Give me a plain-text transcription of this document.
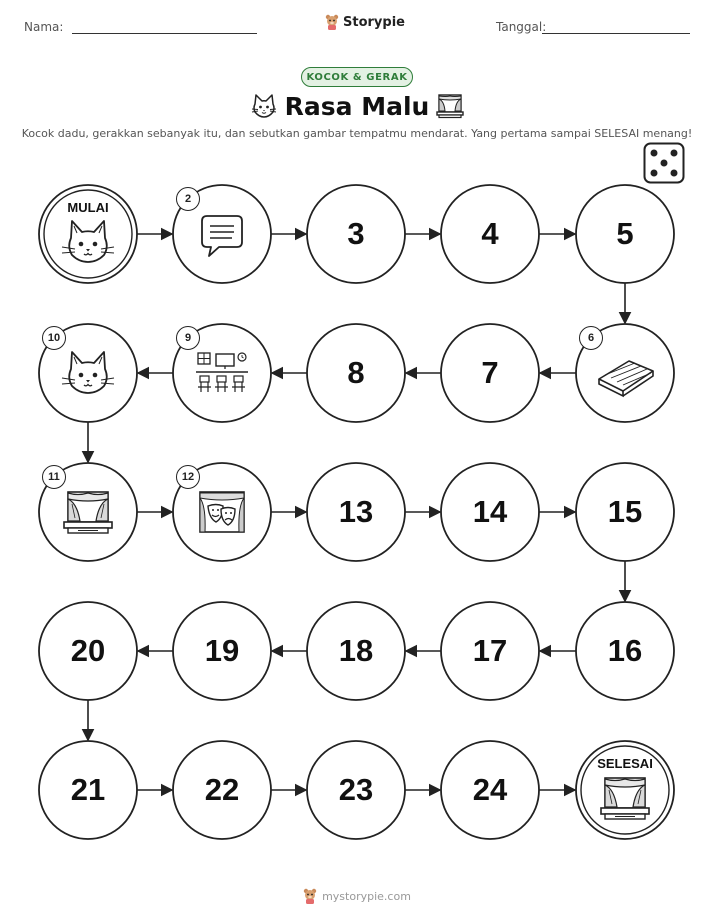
Nama:	Storypie	Tanggal:
KOCOK & GERAK
Rasa Malu
Kocok dadu, gerakkan sebanyak itu, dan sebutkan gambar tempatmu mendarat. Yang pertama sampai SELESAI menang!
MULAI
2
3	4	5
6
7
8
9
10
11	12
13	14	15
16
17
18
19
20
21	22	23	24
SELESAI
mystorypie.com
